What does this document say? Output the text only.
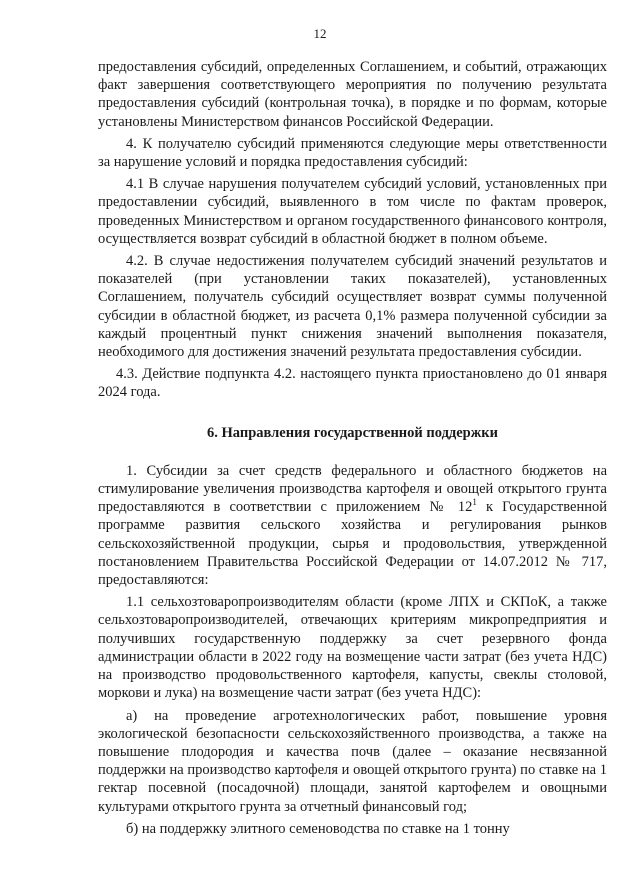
12

предоставления субсидий, определенных Соглашением, и событий, отражающих факт завершения соответствующего мероприятия по получению результата предоставления субсидий (контрольная точка), в порядке и по формам, которые установлены Министерством финансов Российской Федерации.

4. К получателю субсидий применяются следующие меры ответственности за нарушение условий и порядка предоставления субсидий:

4.1 В случае нарушения получателем субсидий условий, установленных при предоставлении субсидий, выявленного в том числе по фактам проверок, проведенных Министерством и органом государственного финансового контроля, осуществляется возврат субсидий в областной бюджет в полном объеме.

4.2. В случае недостижения получателем субсидий значений результатов и показателей (при установлении таких показателей), установленных Соглашением, получатель субсидий осуществляет возврат суммы полученной субсидии в областной бюджет, из расчета 0,1% размера полученной субсидии за каждый процентный пункт снижения значений выполнения показателя, необходимого для достижения значений результата предоставления субсидии.

4.3. Действие подпункта 4.2. настоящего пункта приостановлено до 01 января 2024 года.

6. Направления государственной поддержки

1. Субсидии за счет средств федерального и областного бюджетов на стимулирование увеличения производства картофеля и овощей открытого грунта предоставляются в соответствии с приложением № $12^1$ к Государственной программе развития сельского хозяйства и регулирования рынков сельскохозяйственной продукции, сырья и продовольствия, утвержденной постановлением Правительства Российской Федерации от 14.07.2012 № 717, предоставляются:

1.1 сельхозтоваропроизводителям области (кроме ЛПХ и СКПоК, а также сельхозтоваропроизводителей, отвечающих критериям микропредприятия и получивших государственную поддержку за счет резервного фонда администрации области в 2022 году на возмещение части затрат (без учета НДС) на производство продовольственного картофеля, капусты, свеклы столовой, моркови и лука) на возмещение части затрат (без учета НДС):

а) на проведение агротехнологических работ, повышение уровня экологической безопасности сельскохозяйственного производства, а также на повышение плодородия и качества почв (далее – оказание несвязанной поддержки на производство картофеля и овощей открытого грунта) по ставке на 1 гектар посевной (посадочной) площади, занятой картофелем и овощными культурами открытого грунта за отчетный финансовый год;

б) на поддержку элитного семеноводства по ставке на 1 тонну
